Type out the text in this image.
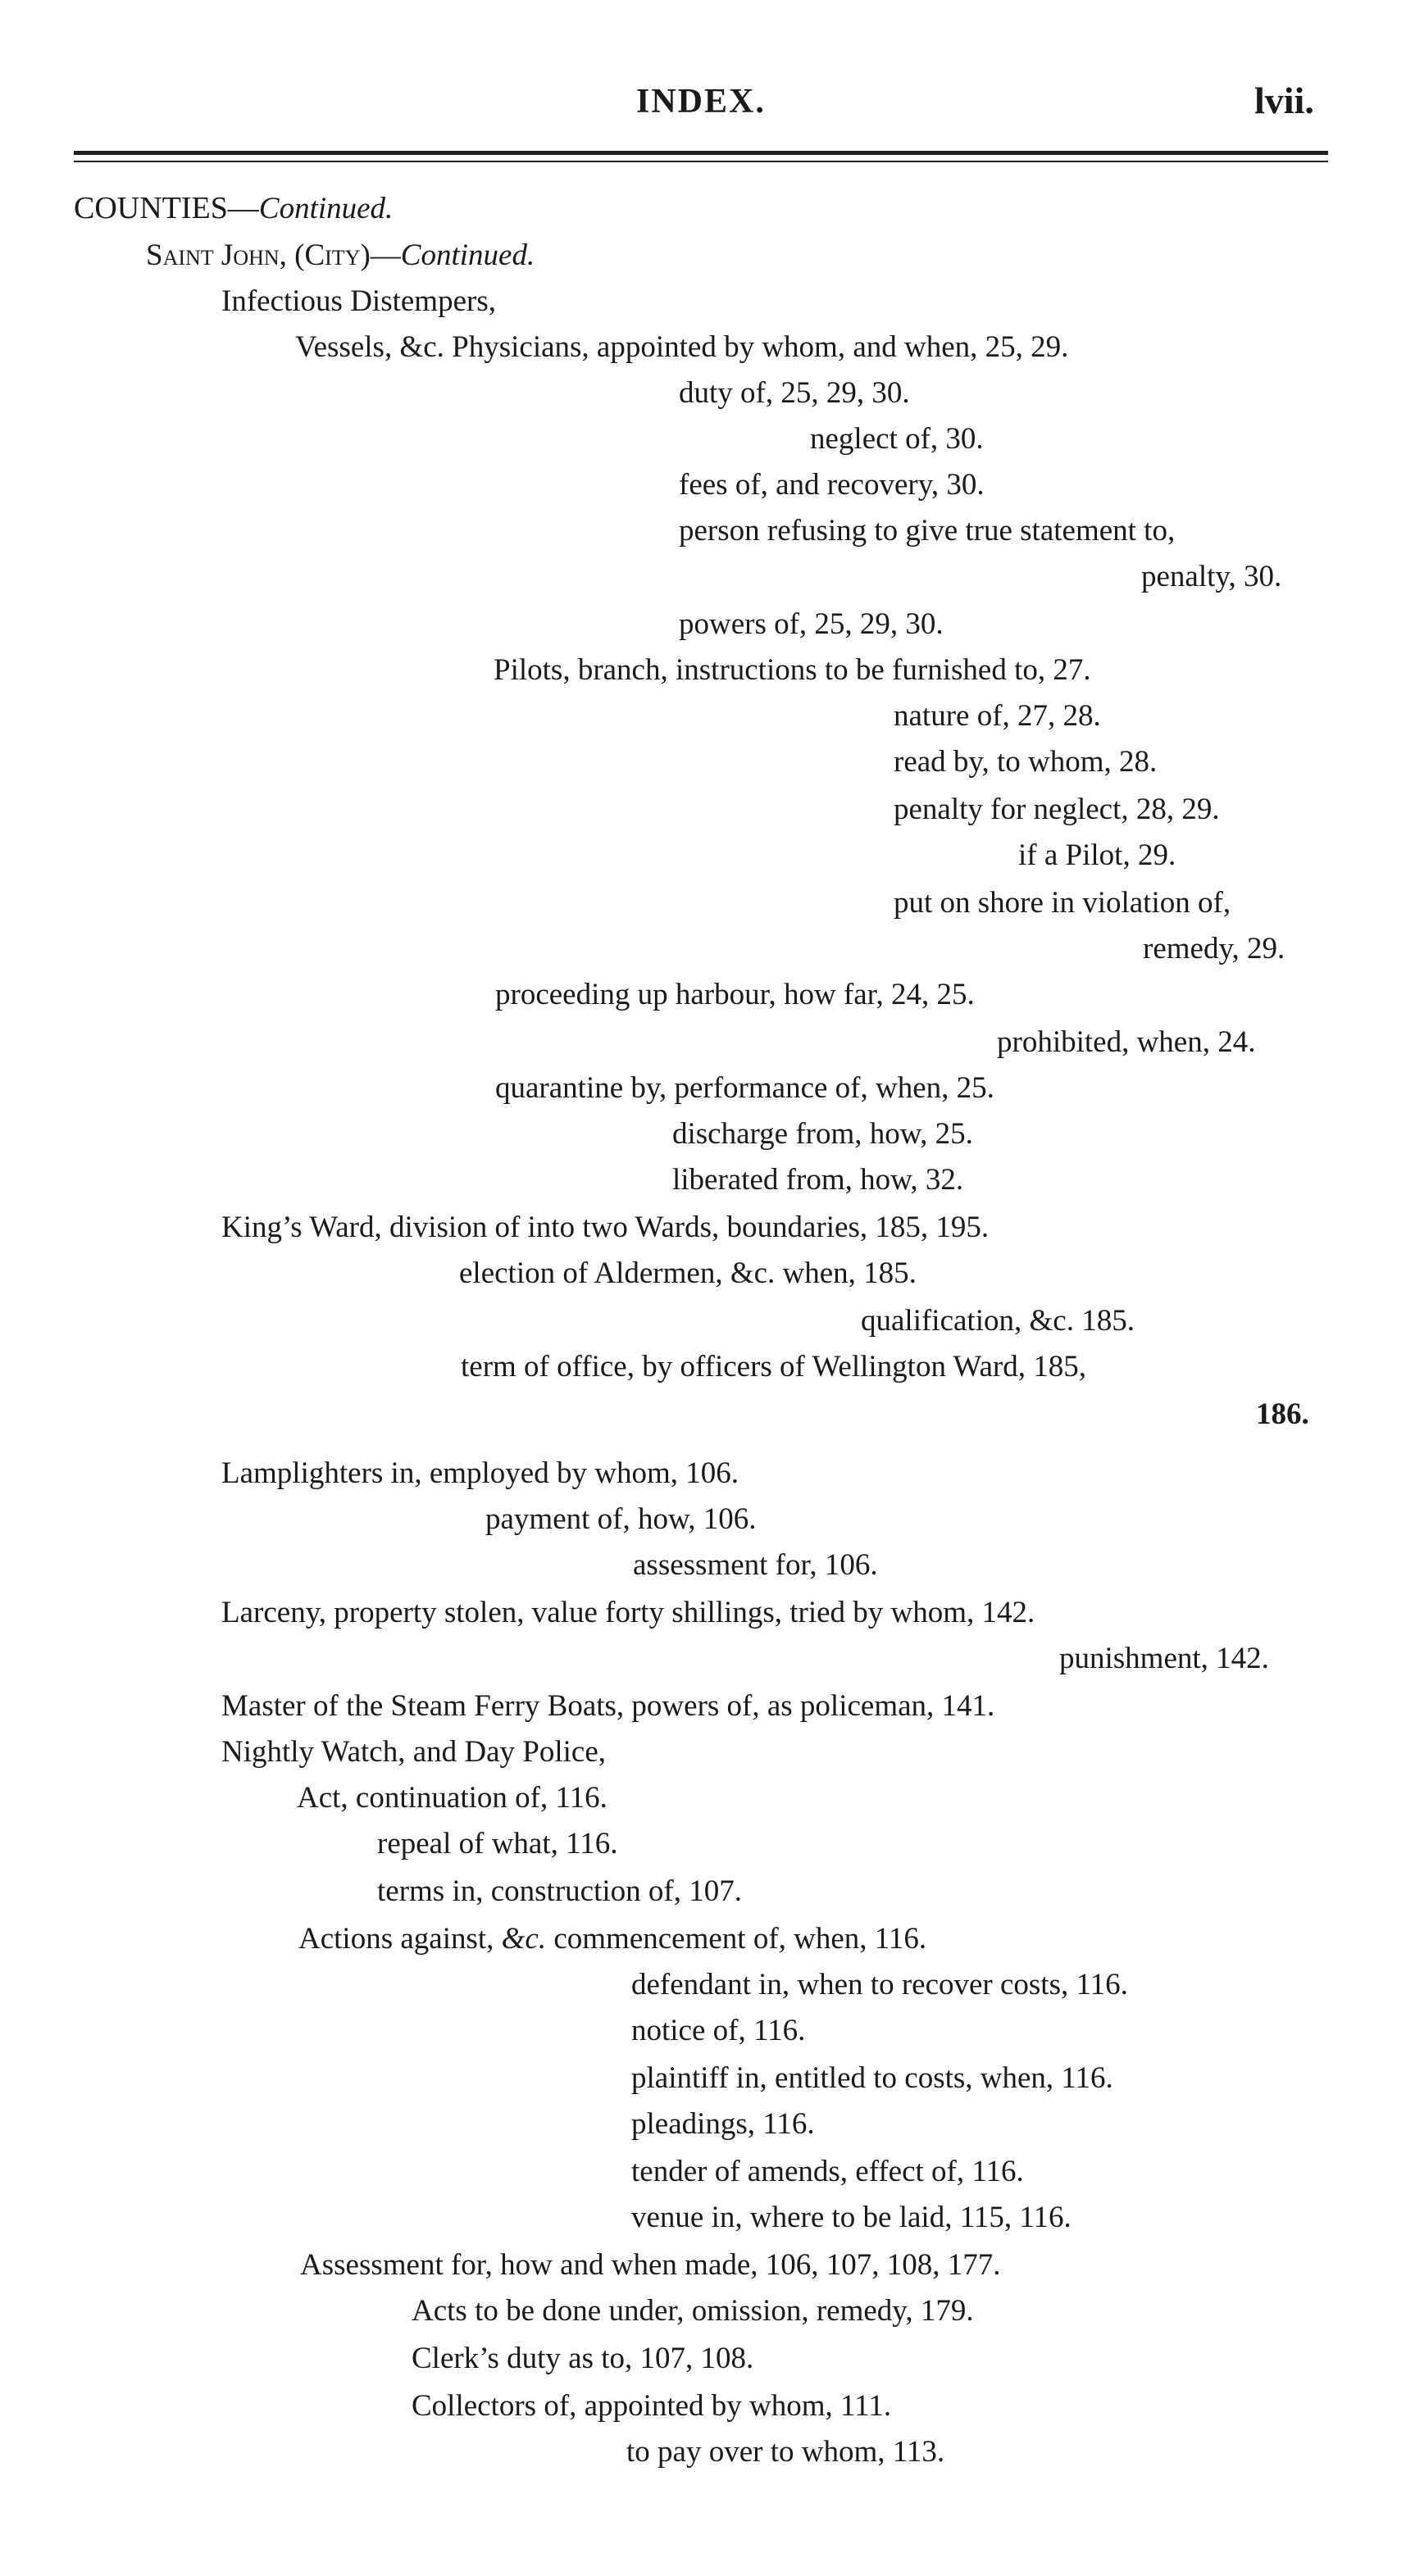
INDEX.	lvii.
COUNTIES—Continued.
Saint John, (City)—Continued.
Infectious Distempers,
Vessels, &c. Physicians, appointed by whom, and when, 25, 29.
duty of, 25, 29, 30.
neglect of, 30.
fees of, and recovery, 30.
person refusing to give true statement to,
penalty, 30.
powers of, 25, 29, 30.
Pilots, branch, instructions to be furnished to, 27.
nature of, 27, 28.
read by, to whom, 28.
penalty for neglect, 28, 29.
if a Pilot, 29.
put on shore in violation of,
remedy, 29.
proceeding up harbour, how far, 24, 25.
prohibited, when, 24.
quarantine by, performance of, when, 25.
discharge from, how, 25.
liberated from, how, 32.
King’s Ward, division of into two Wards, boundaries, 185, 195.
election of Aldermen, &c. when, 185.
qualification, &c. 185.
term of office, by officers of Wellington Ward, 185,
186.
Lamplighters in, employed by whom, 106.
payment of, how, 106.
assessment for, 106.
Larceny, property stolen, value forty shillings, tried by whom, 142.
punishment, 142.
Master of the Steam Ferry Boats, powers of, as policeman, 141.
Nightly Watch, and Day Police,
Act, continuation of, 116.
repeal of what, 116.
terms in, construction of, 107.
Actions against, &c. commencement of, when, 116.
defendant in, when to recover costs, 116.
notice of, 116.
plaintiff in, entitled to costs, when, 116.
pleadings, 116.
tender of amends, effect of, 116.
venue in, where to be laid, 115, 116.
Assessment for, how and when made, 106, 107, 108, 177.
Acts to be done under, omission, remedy, 179.
Clerk’s duty as to, 107, 108.
Collectors of, appointed by whom, 111.
to pay over to whom, 113.
